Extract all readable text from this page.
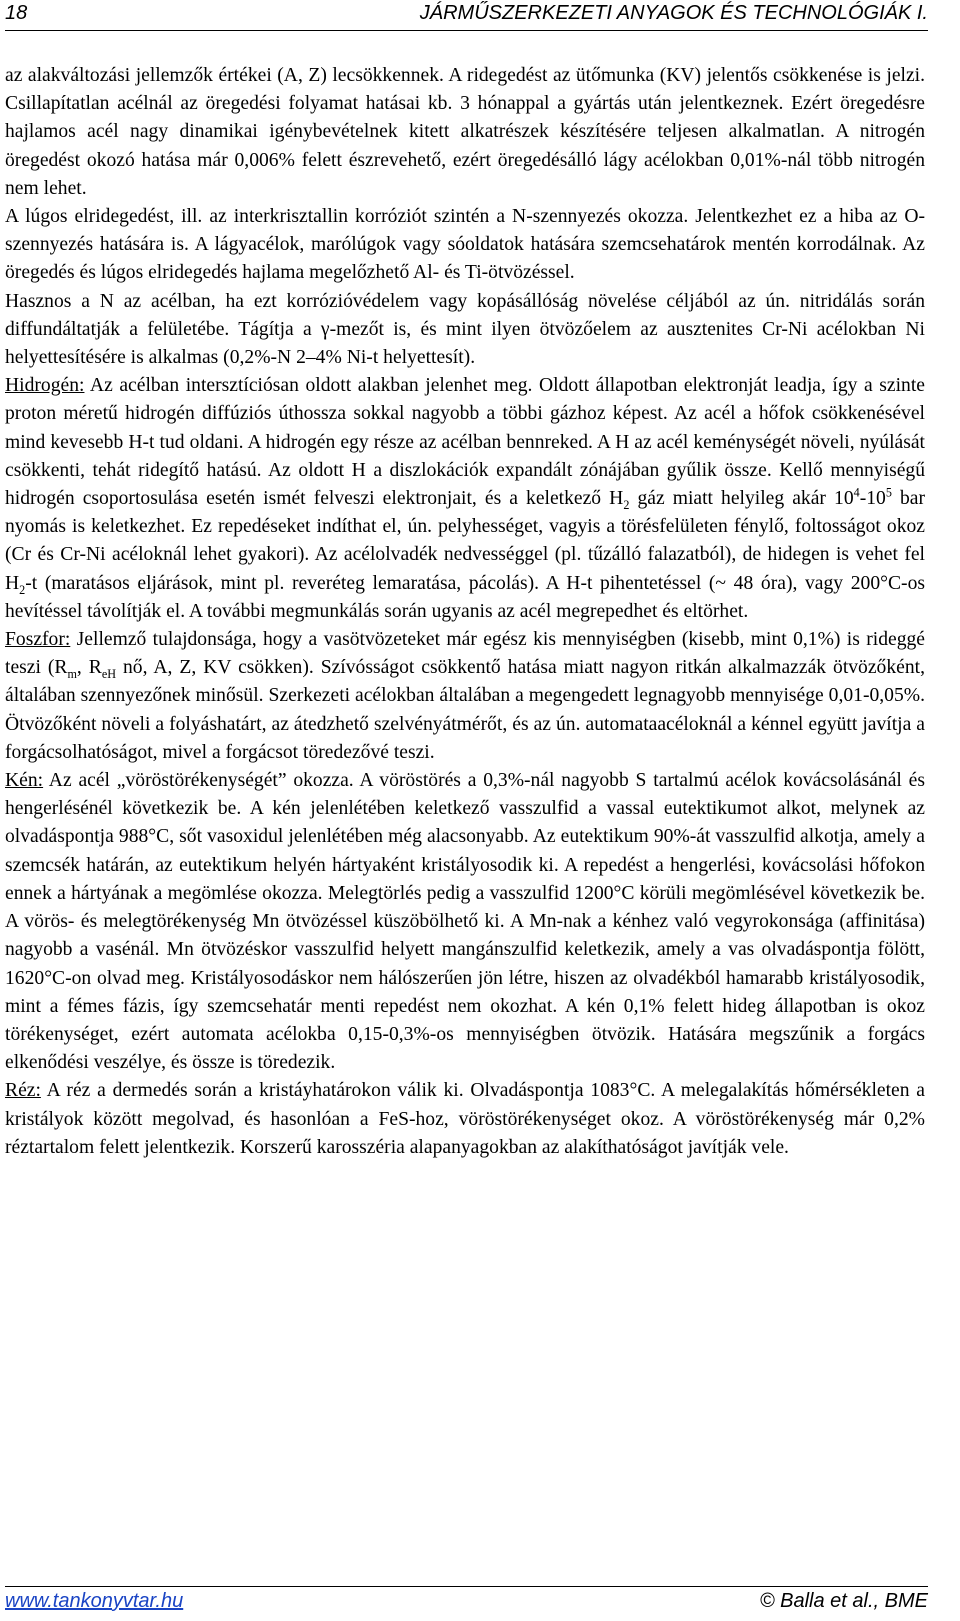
18	JÁRMŰSZERKEZETI ANYAGOK ÉS TECHNOLÓGIÁK I.

az alakváltozási jellemzők értékei (A, Z) lecsökkennek. A ridegedést az ütőmunka (KV) jelentős csökkenése is jelzi. Csillapítatlan acélnál az öregedési folyamat hatásai kb. 3 hónappal a gyártás után jelentkeznek. Ezért öregedésre hajlamos acél nagy dinamikai igénybevételnek kitett alkatrészek készítésére teljesen alkalmatlan. A nitrogén öregedést okozó hatása már 0,006% felett észrevehető, ezért öregedésálló lágy acélokban 0,01%-nál több nitrogén nem lehet.

A lúgos elridegedést, ill. az interkrisztallin korróziót szintén a N-szennyezés okozza. Jelentkezhet ez a hiba az O-szennyezés hatására is. A lágyacélok, marólúgok vagy sóoldatok hatására szemcsehatárok mentén korrodálnak. Az öregedés és lúgos elridegedés hajlama megelőzhető Al- és Ti-ötvözéssel.

Hasznos a N az acélban, ha ezt korrózióvédelem vagy kopásállóság növelése céljából az ún. nitridálás során diffundáltatják a felületébe. Tágítja a γ-mezőt is, és mint ilyen ötvözőelem az ausztenites Cr-Ni acélokban Ni helyettesítésére is alkalmas (0,2%-N 2–4% Ni-t helyettesít).

Hidrogén: Az acélban intersztíciósan oldott alakban jelenhet meg. Oldott állapotban elektronját leadja, így a szinte proton méretű hidrogén diffúziós úthossza sokkal nagyobb a többi gázhoz képest. Az acél a hőfok csökkenésével mind kevesebb H-t tud oldani. A hidrogén egy része az acélban bennreked. A H az acél keménységét növeli, nyúlását csökkenti, tehát ridegítő hatású. Az oldott H a diszlokációk expandált zónájában gyűlik össze. Kellő mennyiségű hidrogén csoportosulása esetén ismét felveszi elektronjait, és a keletkező $H_2$ gáz miatt helyileg akár $10^4-10^5$ bar nyomás is keletkezhet. Ez repedéseket indíthat el, ún. pelyhességet, vagyis a törésfelületen fénylő, foltosságot okoz (Cr és Cr-Ni acéloknál lehet gyakori). Az acélolvadék nedvességgel (pl. tűzálló falazatból), de hidegen is vehet fel $H_2-t$ (maratásos eljárások, mint pl. reveréteg lemaratása, pácolás). A H-t pihentetéssel (~ 48 óra), vagy 200°C-os hevítéssel távolítják el. A további megmunkálás során ugyanis az acél megrepedhet és eltörhet.

Foszfor: Jellemző tulajdonsága, hogy a vasötvözeteket már egész kis mennyiségben (kisebb, mint 0,1%) is rideggé teszi ($R_m$, $R_{eH}$ nő, A, Z, KV csökken). Szívósságot csökkentő hatása miatt nagyon ritkán alkalmazzák ötvözőként, általában szennyezőnek minősül. Szerkezeti acélokban általában a megengedett legnagyobb mennyisége 0,01-0,05%. Ötvözőként növeli a folyáshatárt, az átedzhető szelvényátmérőt, és az ún. automataacéloknál a kénnel együtt javítja a forgácsolhatóságot, mivel a forgácsot töredezővé teszi.

Kén: Az acél „vöröstörékenységét” okozza. A vöröstörés a 0,3%-nál nagyobb S tartalmú acélok kovácsolásánál és hengerlésénél következik be. A kén jelenlétében keletkező vasszulfid a vassal eutektikumot alkot, melynek az olvadáspontja 988°C, sőt vasoxidul jelenlétében még alacsonyabb. Az eutektikum 90%-át vasszulfid alkotja, amely a szemcsék határán, az eutektikum helyén hártyaként kristályosodik ki. A repedést a hengerlési, kovácsolási hőfokon ennek a hártyának a megömlése okozza. Melegtörlés pedig a vasszulfid 1200°C körüli megömlésével következik be. A vörös- és melegtörékenység Mn ötvözéssel küszöbölhető ki. A Mn-nak a kénhez való vegyrokonsága (affinitása) nagyobb a vasénál. Mn ötvözéskor vasszulfid helyett mangánszulfid keletkezik, amely a vas olvadáspontja fölött, 1620°C-on olvad meg. Kristályosodáskor nem hálószerűen jön létre, hiszen az olvadékból hamarabb kristályosodik, mint a fémes fázis, így szemcsehatár menti repedést nem okozhat. A kén 0,1% felett hideg állapotban is okoz törékenységet, ezért automata acélokba 0,15-0,3%-os mennyiségben ötvözik. Hatására megszűnik a forgács elkenődési veszélye, és össze is töredezik.

Réz: A réz a dermedés során a kristáyhatárokon válik ki. Olvadáspontja 1083°C. A melegalakítás hőmérsékleten a kristályok között megolvad, és hasonlóan a FeS-hoz, vöröstörékenységet okoz. A vöröstörékenység már 0,2% réztartalom felett jelentkezik. Korszerű karosszéria alapanyagokban az alakíthatóságot javítják vele.

www.tankonyvtar.hu	© Balla et al., BME
